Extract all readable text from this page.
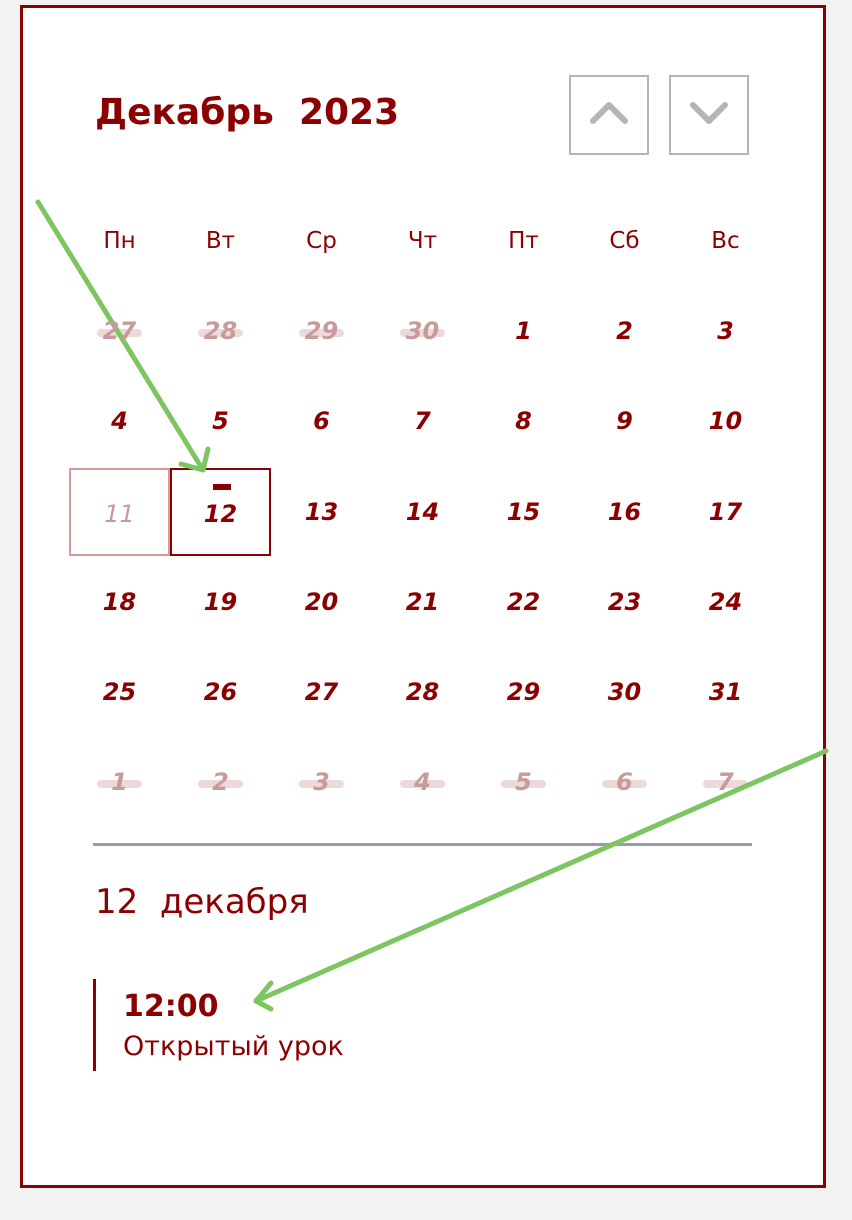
Декабрь  2023
Пн	Вт	Ср	Чт	Пт	Сб	Вс
27	28	29	30	1	2	3
4	5	6	7	8	9	10
11	12	13	14	15	16	17
18	19	20	21	22	23	24
25	26	27	28	29	30	31
1	2	3	4	5	6	7
12  декабря
12:00
Открытый урок
